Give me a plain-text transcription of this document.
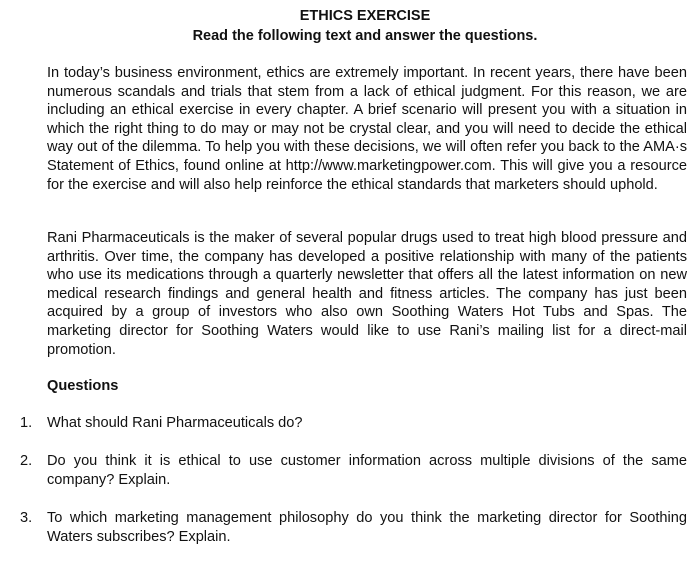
ETHICS EXERCISE
Read the following text and answer the questions.

In today’s business environment, ethics are extremely important. In recent years, there have been numerous scandals and trials that stem from a lack of ethical judgment. For this reason, we are including an ethical exercise in every chapter. A brief scenario will present you with a situation in which the right thing to do may or may not be crystal clear, and you will need to decide the ethical way out of the dilemma. To help you with these decisions, we will often refer you back to the AMA·s Statement of Ethics, found online at http://www.marketingpower.com. This will give you a resource for the exercise and will also help reinforce the ethical standards that marketers should uphold.

Rani Pharmaceuticals is the maker of several popular drugs used to treat high blood pressure and arthritis. Over time, the company has developed a positive relationship with many of the patients who use its medications through a quarterly newsletter that offers all the latest information on new medical research findings and general health and fitness articles. The company has just been acquired by a group of investors who also own Soothing Waters Hot Tubs and Spas. The marketing director for Soothing Waters would like to use Rani’s mailing list for a direct-mail promotion.

Questions
1. What should Rani Pharmaceuticals do?
2. Do you think it is ethical to use customer information across multiple divisions of the same company? Explain.
3. To which marketing management philosophy do you think the marketing director for Soothing Waters subscribes? Explain.
